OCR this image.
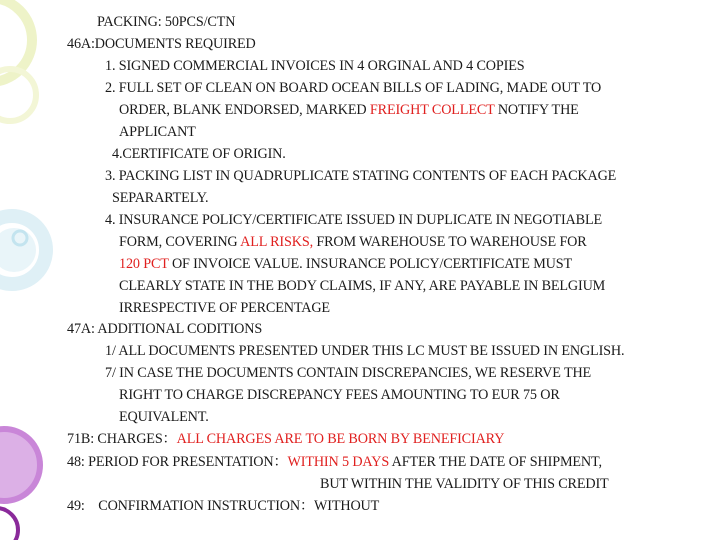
PACKING: 50PCS/CTN
46A:DOCUMENTS REQUIRED
1. SIGNED COMMERCIAL INVOICES IN 4 ORGINAL AND 4 COPIES
2. FULL SET OF CLEAN ON BOARD OCEAN BILLS OF LADING, MADE OUT TO
ORDER, BLANK ENDORSED, MARKED FREIGHT COLLECT NOTIFY THE
APPLICANT
4.CERTIFICATE OF ORIGIN.
3. PACKING LIST IN QUADRUPLICATE STATING CONTENTS OF EACH PACKAGE
SEPARARTELY.
4. INSURANCE POLICY/CERTIFICATE ISSUED IN DUPLICATE IN NEGOTIABLE
FORM, COVERING ALL RISKS, FROM WAREHOUSE TO WAREHOUSE FOR
120 PCT OF INVOICE VALUE. INSURANCE POLICY/CERTIFICATE MUST
CLEARLY STATE IN THE BODY CLAIMS, IF ANY, ARE PAYABLE IN BELGIUM
IRRESPECTIVE OF PERCENTAGE
47A: ADDITIONAL CODITIONS
1/ ALL DOCUMENTS PRESENTED UNDER THIS LC MUST BE ISSUED IN ENGLISH.
7/ IN CASE THE DOCUMENTS CONTAIN DISCREPANCIES, WE RESERVE THE
RIGHT TO CHARGE DISCREPANCY FEES AMOUNTING TO EUR 75 OR
EQUIVALENT.
71B: CHARGES：ALL CHARGES ARE TO BE BORN BY BENEFICIARY
48: PERIOD FOR PRESENTATION：WITHIN 5 DAYS AFTER THE DATE OF SHIPMENT,
BUT WITHIN THE VALIDITY OF THIS CREDIT
49:    CONFIRMATION INSTRUCTION：WITHOUT
